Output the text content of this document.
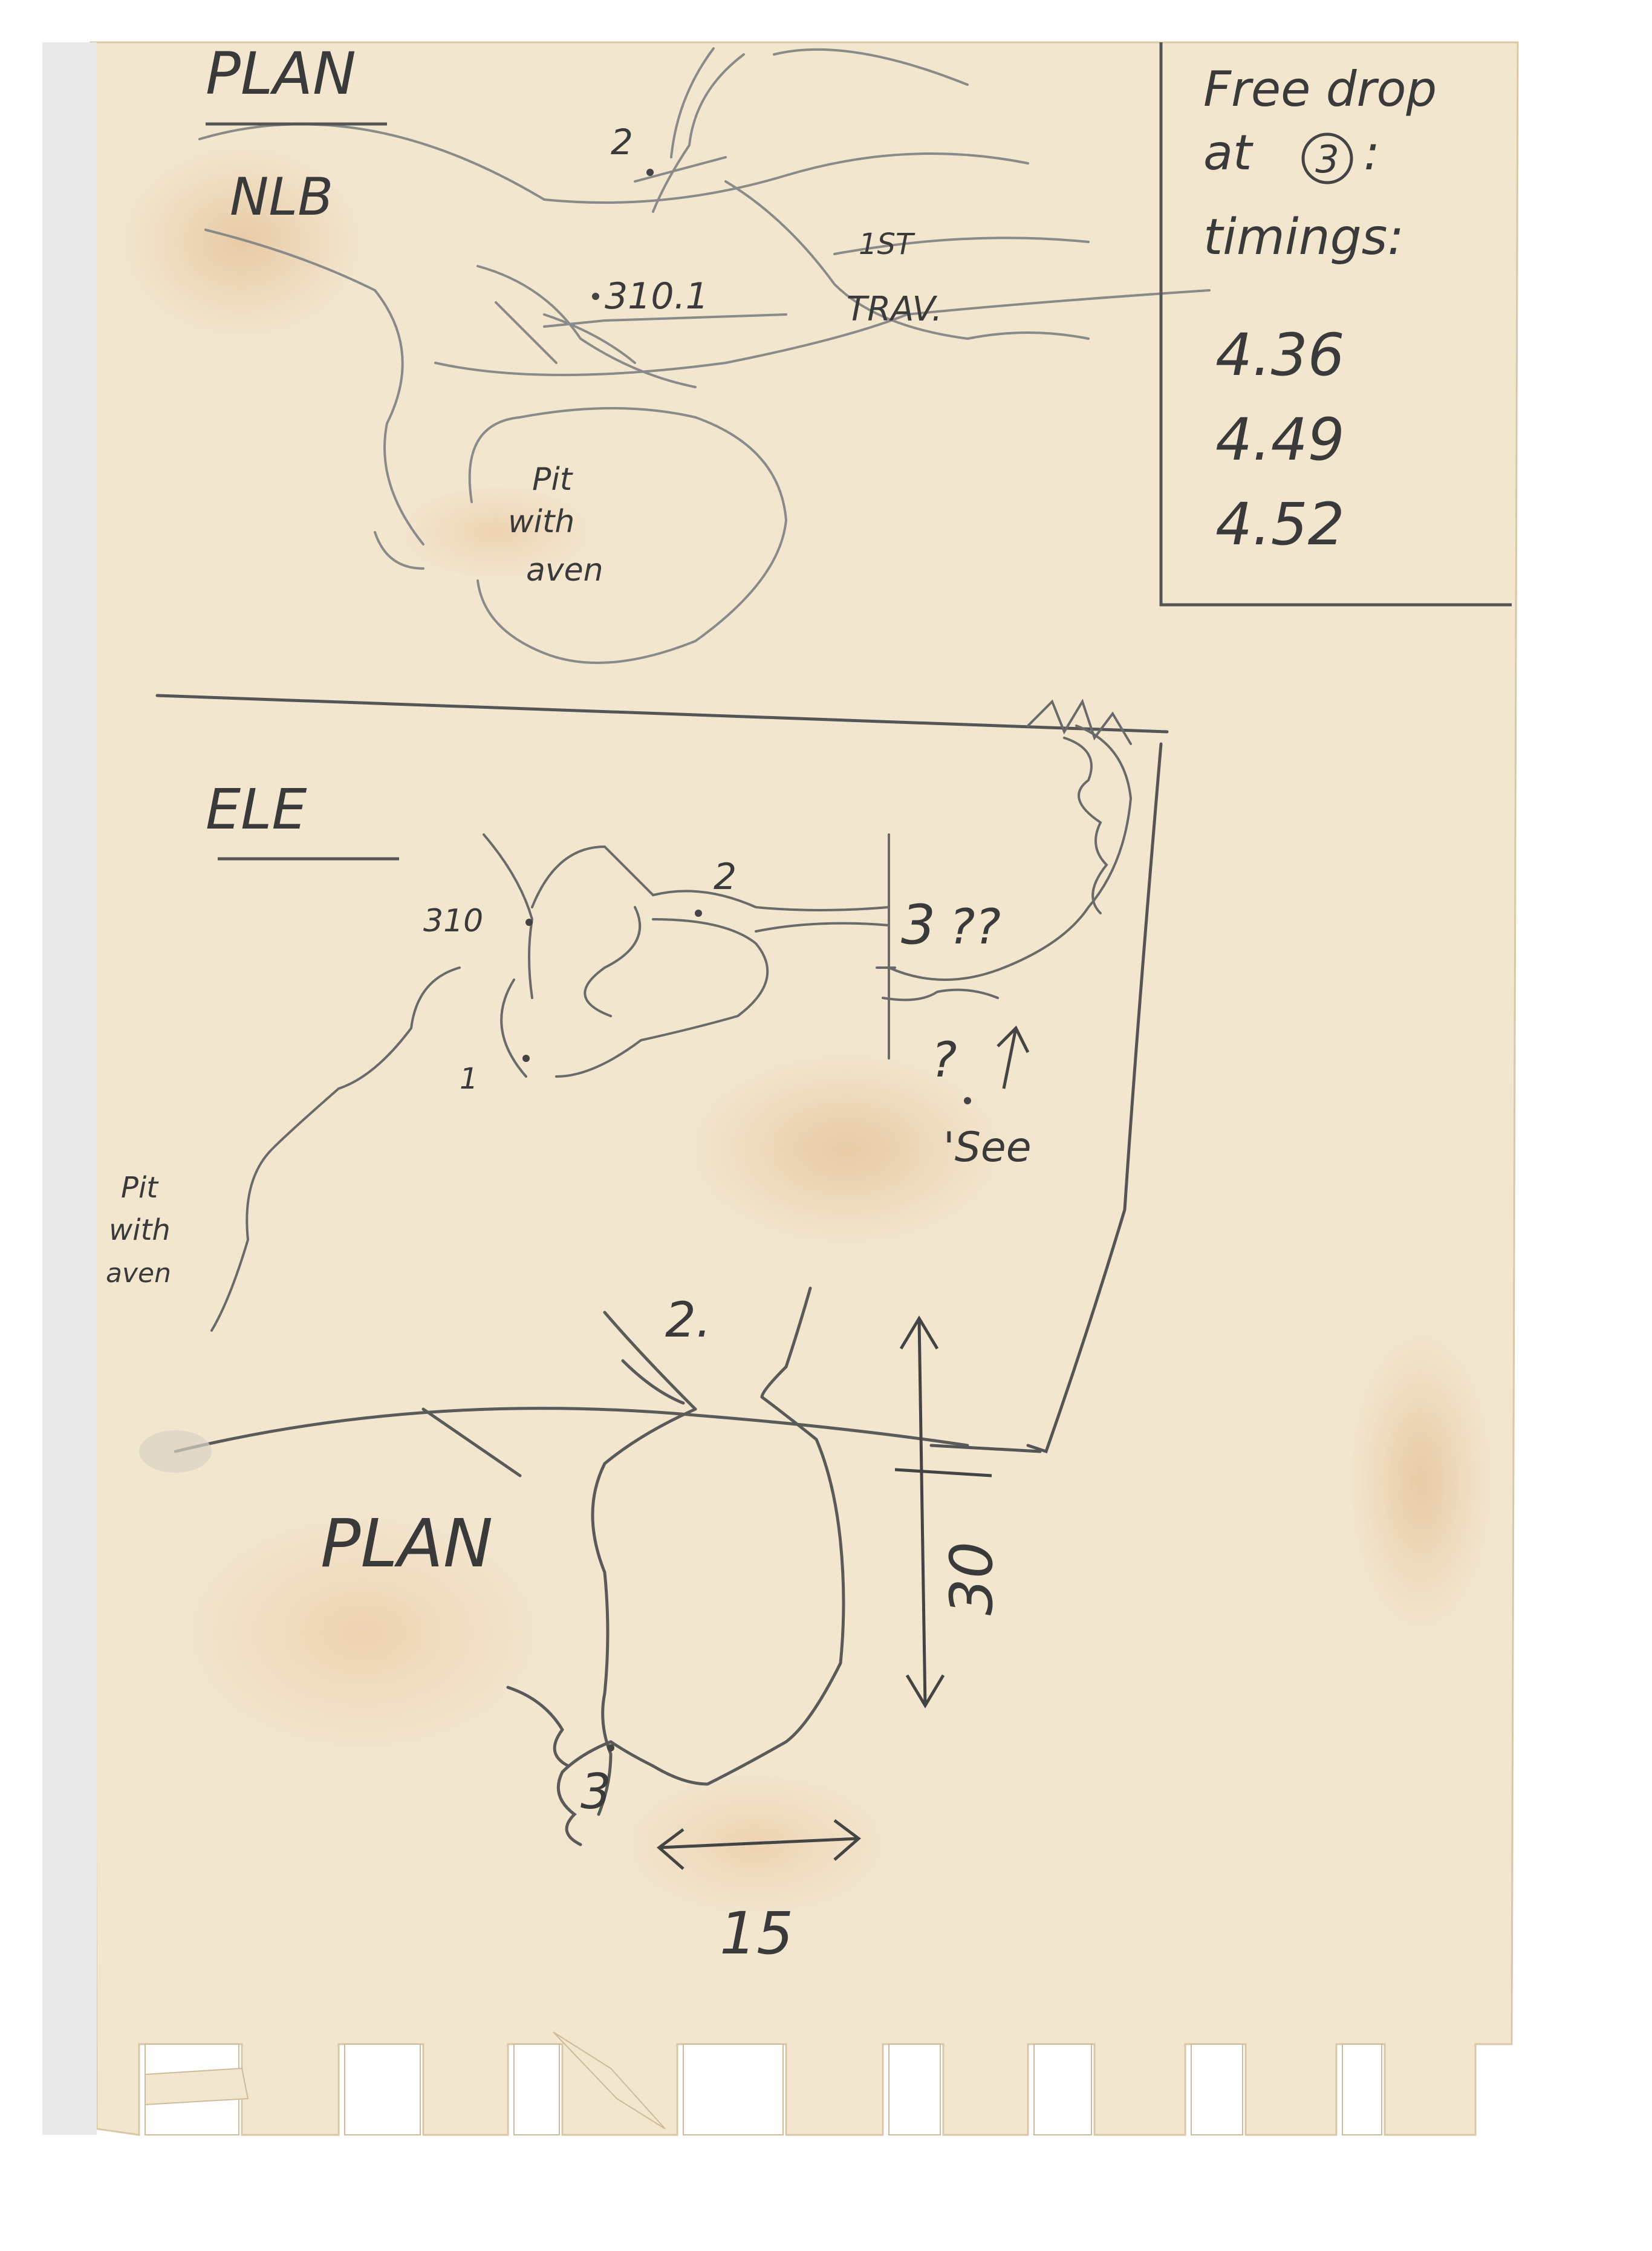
PLAN
NLB
2
310.1
1ST
TRAV.
Pit
with
aven
Free drop
at 3 :
timings:
4.36
4.49
4.52
ELE
310
2
1
3 ??
?
'See
Pit
with
aven
PLAN
2.
3
30
15
